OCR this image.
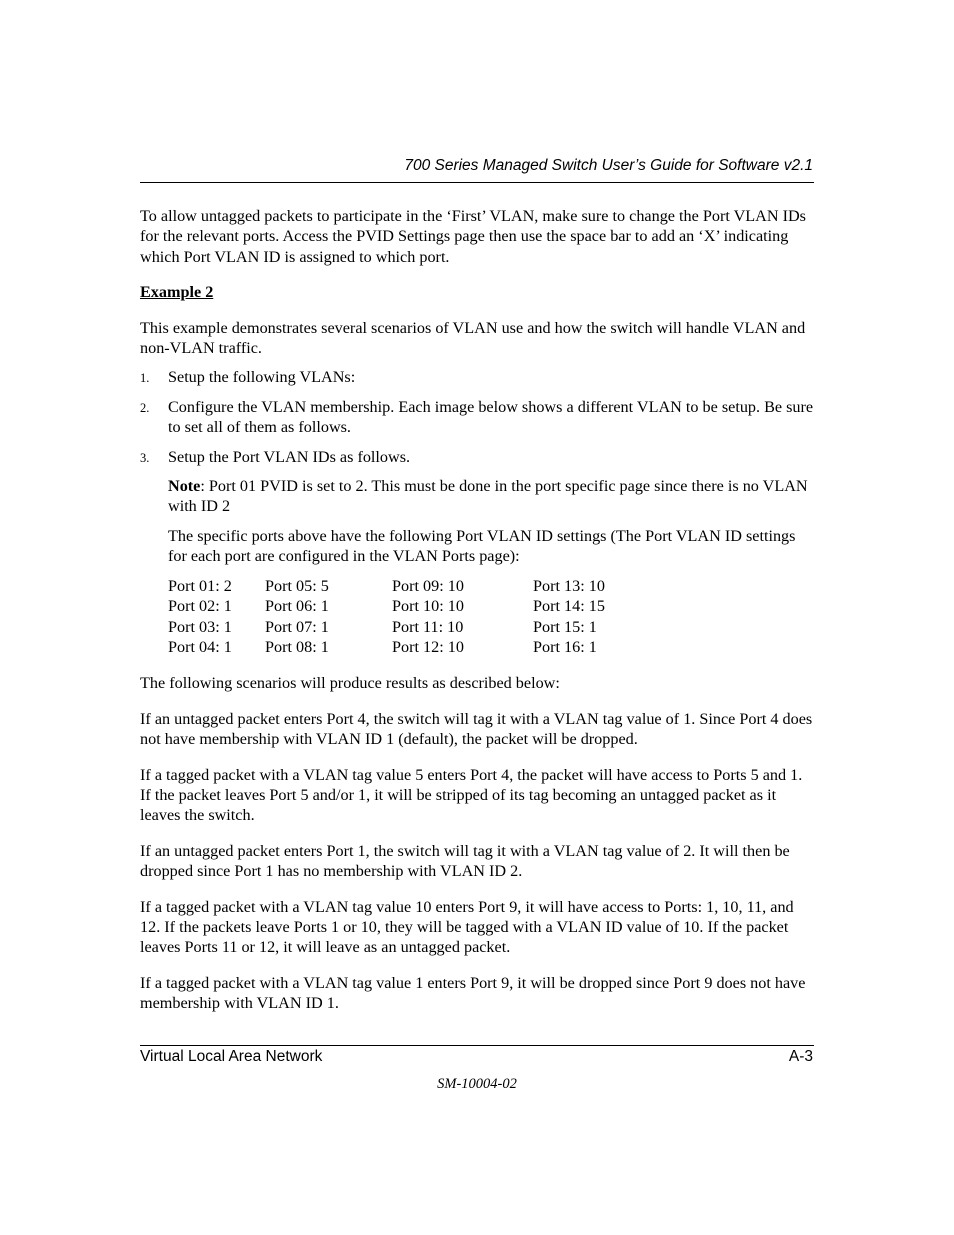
700 Series Managed Switch User’s Guide for Software v2.1

To allow untagged packets to participate in the ‘First’ VLAN, make sure to change the Port VLAN IDs for the relevant ports. Access the PVID Settings page then use the space bar to add an ‘X’ indicating which Port VLAN ID is assigned to which port.

Example 2

This example demonstrates several scenarios of VLAN use and how the switch will handle VLAN and non-VLAN traffic.

1. Setup the following VLANs:
2. Configure the VLAN membership. Each image below shows a different VLAN to be setup. Be sure to set all of them as follows.
3. Setup the Port VLAN IDs as follows.

Note: Port 01 PVID is set to 2. This must be done in the port specific page since there is no VLAN with ID 2

The specific ports above have the following Port VLAN ID settings (The Port VLAN ID settings for each port are configured in the VLAN Ports page):

Port 01: 2
Port 02: 1
Port 03: 1
Port 04: 1
Port 05: 5
Port 06: 1
Port 07: 1
Port 08: 1
Port 09: 10
Port 10: 10
Port 11: 10
Port 12: 10
Port 13: 10
Port 14: 15
Port 15: 1
Port 16: 1

The following scenarios will produce results as described below:

If an untagged packet enters Port 4, the switch will tag it with a VLAN tag value of 1. Since Port 4 does not have membership with VLAN ID 1 (default), the packet will be dropped.

If a tagged packet with a VLAN tag value 5 enters Port 4, the packet will have access to Ports 5 and 1. If the packet leaves Port 5 and/or 1, it will be stripped of its tag becoming an untagged packet as it leaves the switch.

If an untagged packet enters Port 1, the switch will tag it with a VLAN tag value of 2. It will then be dropped since Port 1 has no membership with VLAN ID 2.

If a tagged packet with a VLAN tag value 10 enters Port 9, it will have access to Ports: 1, 10, 11, and 12. If the packets leave Ports 1 or 10, they will be tagged with a VLAN ID value of 10. If the packet leaves Ports 11 or 12, it will leave as an untagged packet.

If a tagged packet with a VLAN tag value 1 enters Port 9, it will be dropped since Port 9 does not have membership with VLAN ID 1.

Virtual Local Area Network	A-3
SM-10004-02
